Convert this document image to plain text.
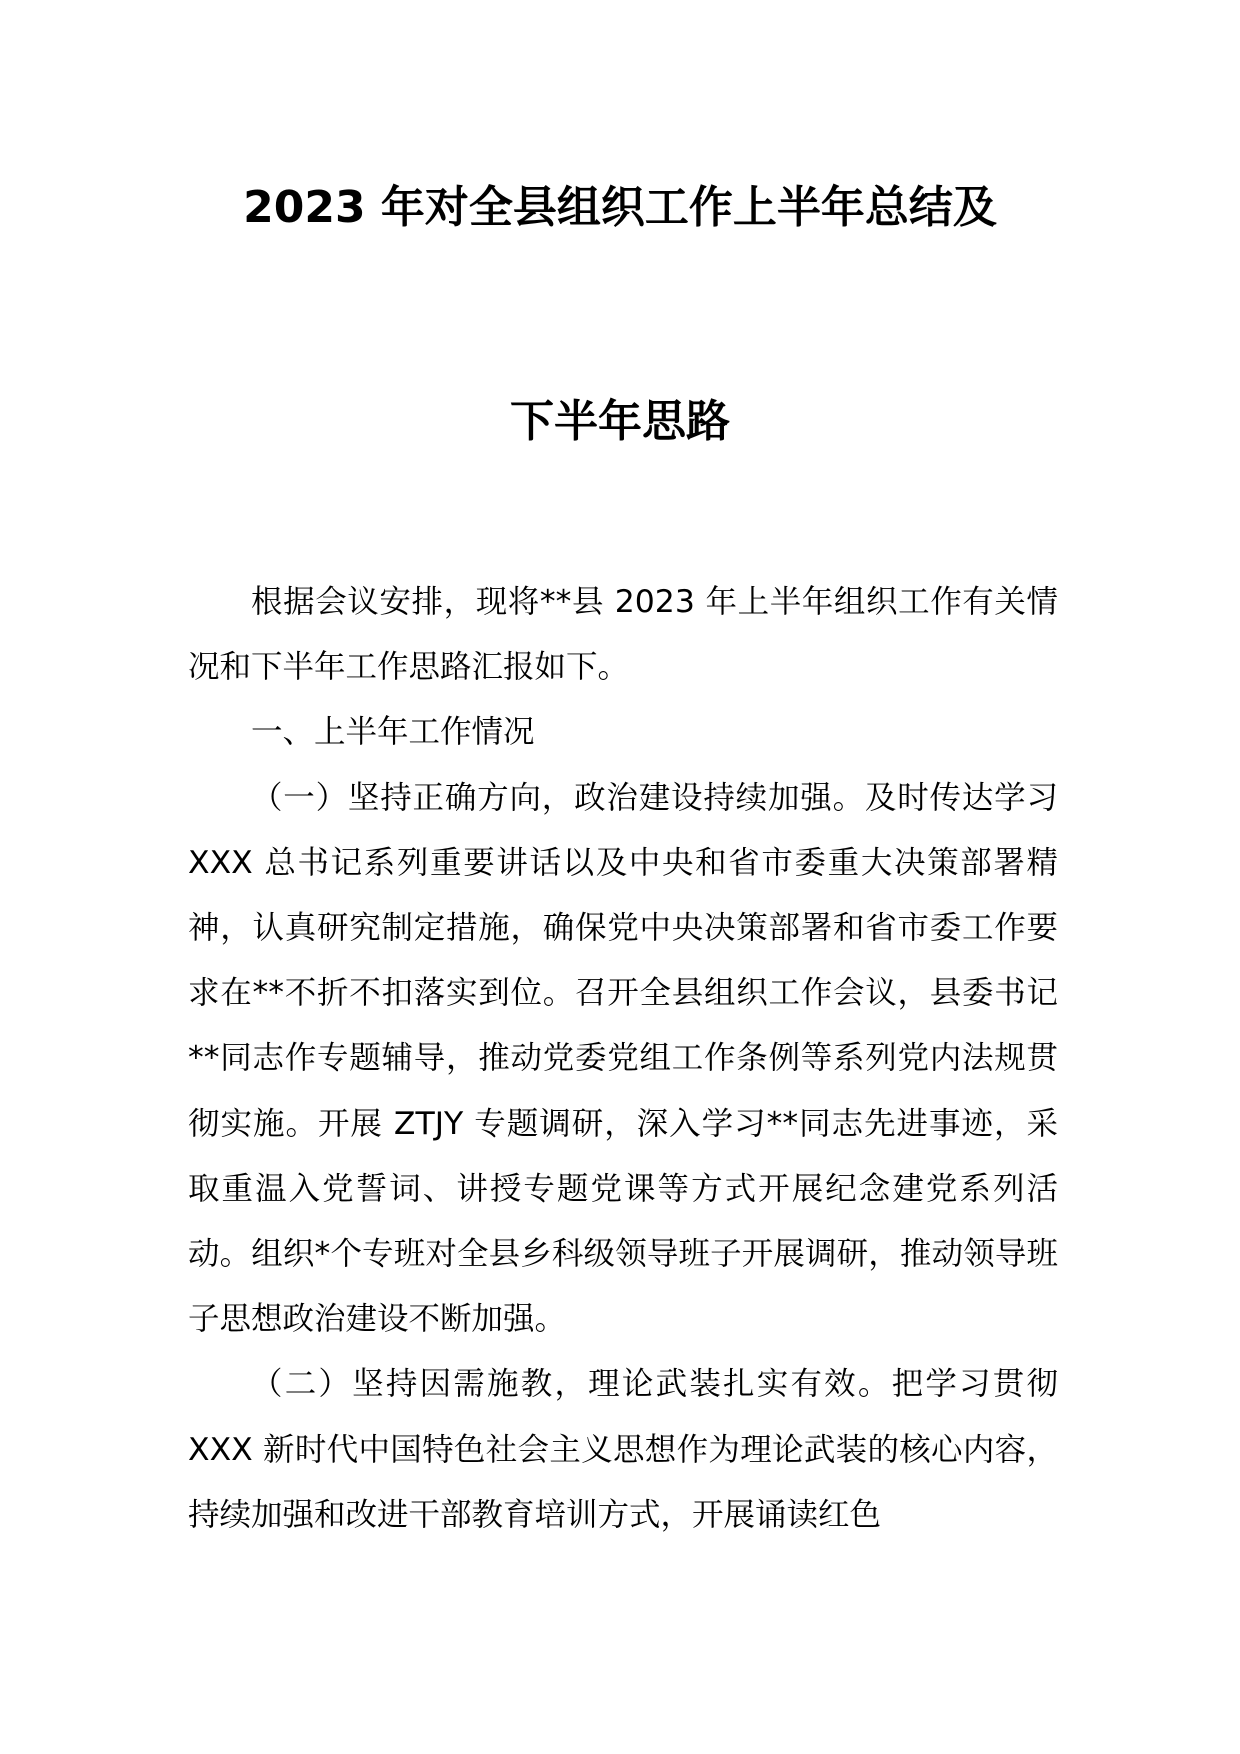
2023 年对全县组织工作上半年总结及
下半年思路

根据会议安排，现将**县 2023 年上半年组织工作有关情况和下半年工作思路汇报如下。

一、上半年工作情况

（一）坚持正确方向，政治建设持续加强。及时传达学习 XXX 总书记系列重要讲话以及中央和省市委重大决策部署精神，认真研究制定措施，确保党中央决策部署和省市委工作要求在**不折不扣落实到位。召开全县组织工作会议，县委书记**同志作专题辅导，推动党委党组工作条例等系列党内法规贯彻实施。开展 ZTJY 专题调研，深入学习**同志先进事迹，采取重温入党誓词、讲授专题党课等方式开展纪念建党系列活动。组织*个专班对全县乡科级领导班子开展调研，推动领导班子思想政治建设不断加强。

（二）坚持因需施教，理论武装扎实有效。把学习贯彻 XXX 新时代中国特色社会主义思想作为理论武装的核心内容，持续加强和改进干部教育培训方式，开展诵读红色
